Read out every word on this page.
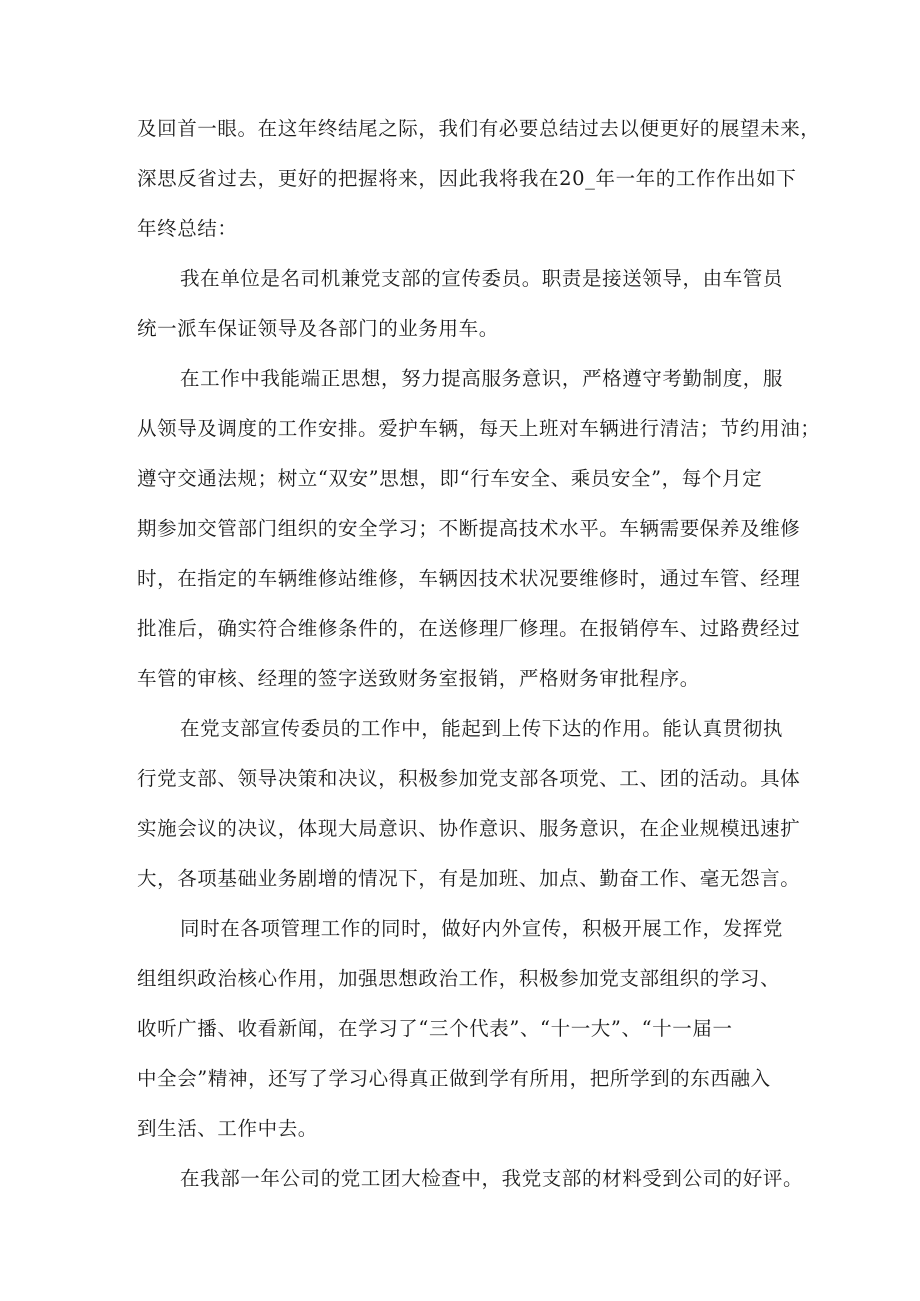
及回首一眼。在这年终结尾之际，我们有必要总结过去以便更好的展望未来，
深思反省过去，更好的把握将来，因此我将我在20_年一年的工作作出如下
年终总结：
我在单位是名司机兼党支部的宣传委员。职责是接送领导，由车管员
统一派车保证领导及各部门的业务用车。
在工作中我能端正思想，努力提高服务意识，严格遵守考勤制度，服
从领导及调度的工作安排。爱护车辆，每天上班对车辆进行清洁；节约用油；
遵守交通法规；树立“双安”思想，即“行车安全、乘员安全”，每个月定
期参加交管部门组织的安全学习；不断提高技术水平。车辆需要保养及维修
时，在指定的车辆维修站维修，车辆因技术状况要维修时，通过车管、经理
批准后，确实符合维修条件的，在送修理厂修理。在报销停车、过路费经过
车管的审核、经理的签字送致财务室报销，严格财务审批程序。
在党支部宣传委员的工作中，能起到上传下达的作用。能认真贯彻执
行党支部、领导决策和决议，积极参加党支部各项党、工、团的活动。具体
实施会议的决议，体现大局意识、协作意识、服务意识，在企业规模迅速扩
大，各项基础业务剧增的情况下，有是加班、加点、勤奋工作、毫无怨言。
同时在各项管理工作的同时，做好内外宣传，积极开展工作，发挥党
组组织政治核心作用，加强思想政治工作，积极参加党支部组织的学习、
收听广播、收看新闻，在学习了“三个代表”、“十一大”、“十一届一
中全会”精神，还写了学习心得真正做到学有所用，把所学到的东西融入
到生活、工作中去。
在我部一年公司的党工团大检查中，我党支部的材料受到公司的好评。
